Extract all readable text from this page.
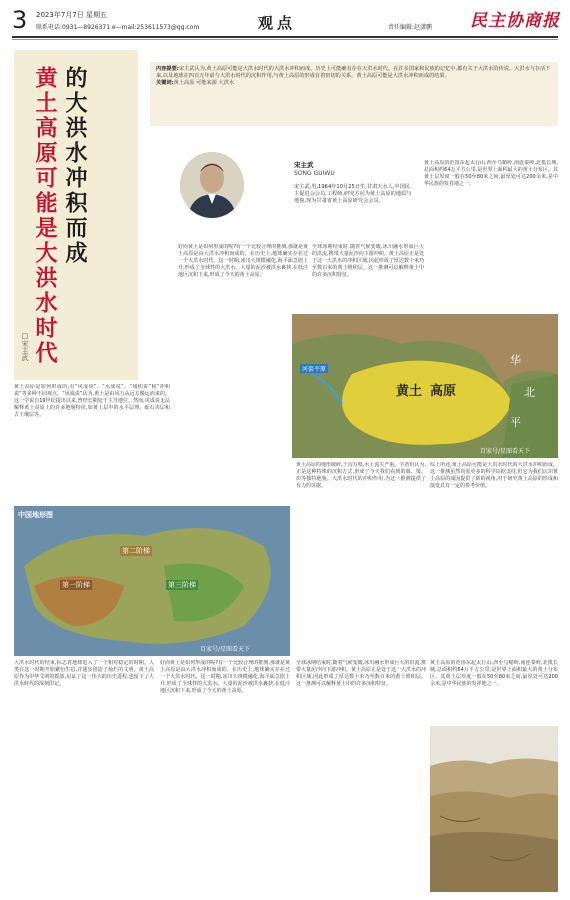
3 2023年7月7日 星期五
联系电话:0931—8926371 e—mail:253611573@qq.com	观点	责任编辑:赵潇鹏 民主协商报
的大洪水冲积而成
黄土高原可能是大洪水时代
□宋主武
内容提要:宋主武认为,黄土高原可能是大洪水时代的大洪水冲积而成。历史上可能确有存在大洪水时代。在许多国家和民族的记忆中,都有关于大洪水的传说。大洪水与存活下来,以及地球在四百万年前与大洪水时代的沉积作用,与黄土高原的形成有着密切的关系。黄土高原可能是大洪水冲积而成的结果。
关键词:黄土高原 可能来源 大洪水
宋主武
SONG GUIWU
宋主武,男,1964年10月25日生,甘肃天水人,中国民主促进会会员,工程师,研究方向为黄土高原的地质与地貌,现为甘肃省黄土高原研究会会员。
黄土高原的范围东起太行山,西至乌鞘岭,南连秦岭,北抵长城,总面积约64万平方公里,是世界上面积最大的黄土分布区。其黄土层厚度一般在50至80米之间,最厚处可达200余米,是中华民族的发祥地之一。
好而黄土是如何形成的呢?有一个比较合理的推测,那就是黄土高原是由大洪水冲积而成的。在历史上,地球确实存在过一个大洪水时代。这一时期,冰川大规模融化,海平面急剧上升,形成了全球性的大洪水。大量的泥沙被洪水裹挟,在低洼地区沉积下来,形成了今天的黄土高原。
全球冰期结束时,随着气候变暖,冰川融水形成巨大的洪流,携带大量泥沙向下游冲积。黄土高原正是处于这一大洪水的冲积区域,因此形成了厚达数十米乃至数百米的黄土堆积层。这一推测可以解释黄土中的许多沉积特征。
黄土高原是如何形成的,有“风成说”、“水成说”、“残积说”和“冲积说”等多种不同观点。“风成说”认为,黄土是由风力从远方搬运而来的。这一学说自19世纪提出以来,曾经长期处于主导地位。然而,风成说无法解释黄土高原上的许多地貌特征,如黄土层中的水平层理、砾石夹层和古土壤层等。
黄土高原的地形破碎,千沟万壑,水土流失严重。学者们认为,正是这种特殊的沉积方式,形成了今天我们看到的塬、梁、峁等独特地貌。大洪水时代的冲积作用,为这一推测提供了有力的证据。
综上所述,黄土高原可能是大洪水时代的大洪水冲积而成。这一推测虽然尚需更多的科学证据支持,但它为我们认识黄土高原的成因提供了新的视角,对于研究黄土高原的形成和演变具有一定的参考价值。
大洪水时代的结束,标志着地球进入了一个相对稳定的时期。人类在这一时期开始繁衍生息,并逐步创造了灿烂的文明。黄土高原作为中华文明的摇篮,见证了这一伟大的历史进程,也留下了大洪水时代的深刻印记。
好而黄土是如何形成的呢?有一个比较合理的推测,那就是黄土高原是由大洪水冲积而成的。在历史上,地球确实存在过一个大洪水时代。这一时期,冰川大规模融化,海平面急剧上升,形成了全球性的大洪水。大量的泥沙被洪水裹挟,在低洼地区沉积下来,形成了今天的黄土高原。
全球冰期结束时,随着气候变暖,冰川融水形成巨大的洪流,携带大量泥沙向下游冲积。黄土高原正是处于这一大洪水的冲积区域,因此形成了厚达数十米乃至数百米的黄土堆积层。这一推测可以解释黄土中的许多沉积特征。
黄土高原的范围东起太行山,西至乌鞘岭,南连秦岭,北抵长城,总面积约64万平方公里,是世界上面积最大的黄土分布区。其黄土层厚度一般在50至80米之间,最厚处可达200余米,是中华民族的发祥地之一。
黄土 高原
华
北
平
河套平原
百家号/星图看天下
中国地形图
第二阶梯
第一阶梯	第三阶梯
百家号/星图看天下
